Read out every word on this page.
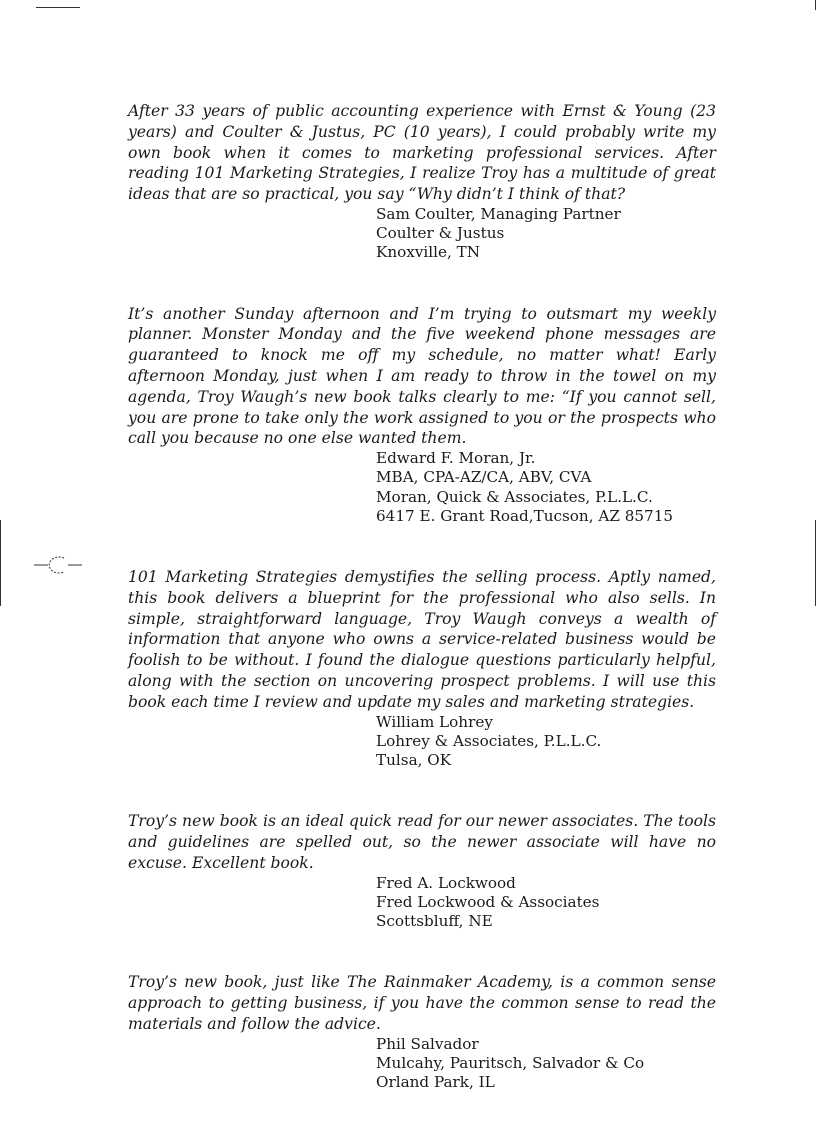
After 33 years of public accounting experience with Ernst & Young (23 years) and Coulter & Justus, PC (10 years), I could probably write my own book when it comes to marketing professional services. After reading 101 Marketing Strategies, I realize Troy has a multitude of great ideas that are so practical, you say “Why didn’t I think of that?

Sam Coulter, Managing Partner
Coulter & Justus
Knoxville, TN

It’s another Sunday afternoon and I’m trying to outsmart my weekly planner. Monster Monday and the five weekend phone messages are guaranteed to knock me off my schedule, no matter what! Early afternoon Monday, just when I am ready to throw in the towel on my agenda, Troy Waugh’s new book talks clearly to me: “If you cannot sell, you are prone to take only the work assigned to you or the prospects who call you because no one else wanted them.

Edward F. Moran, Jr.
MBA, CPA-AZ/CA, ABV, CVA
Moran, Quick & Associates, P.L.L.C.
6417 E. Grant Road,Tucson, AZ 85715

101 Marketing Strategies demystifies the selling process. Aptly named, this book delivers a blueprint for the professional who also sells. In simple, straightforward language, Troy Waugh conveys a wealth of information that anyone who owns a service-related business would be foolish to be without. I found the dialogue questions particularly helpful, along with the section on uncovering prospect problems. I will use this book each time I review and update my sales and marketing strategies.

William Lohrey
Lohrey & Associates, P.L.L.C.
Tulsa, OK

Troy’s new book is an ideal quick read for our newer associates. The tools and guidelines are spelled out, so the newer associate will have no excuse. Excellent book.

Fred A. Lockwood
Fred Lockwood & Associates
Scottsbluff, NE

Troy’s new book, just like The Rainmaker Academy, is a common sense approach to getting business, if you have the common sense to read the materials and follow the advice.

Phil Salvador
Mulcahy, Pauritsch, Salvador & Co
Orland Park, IL
